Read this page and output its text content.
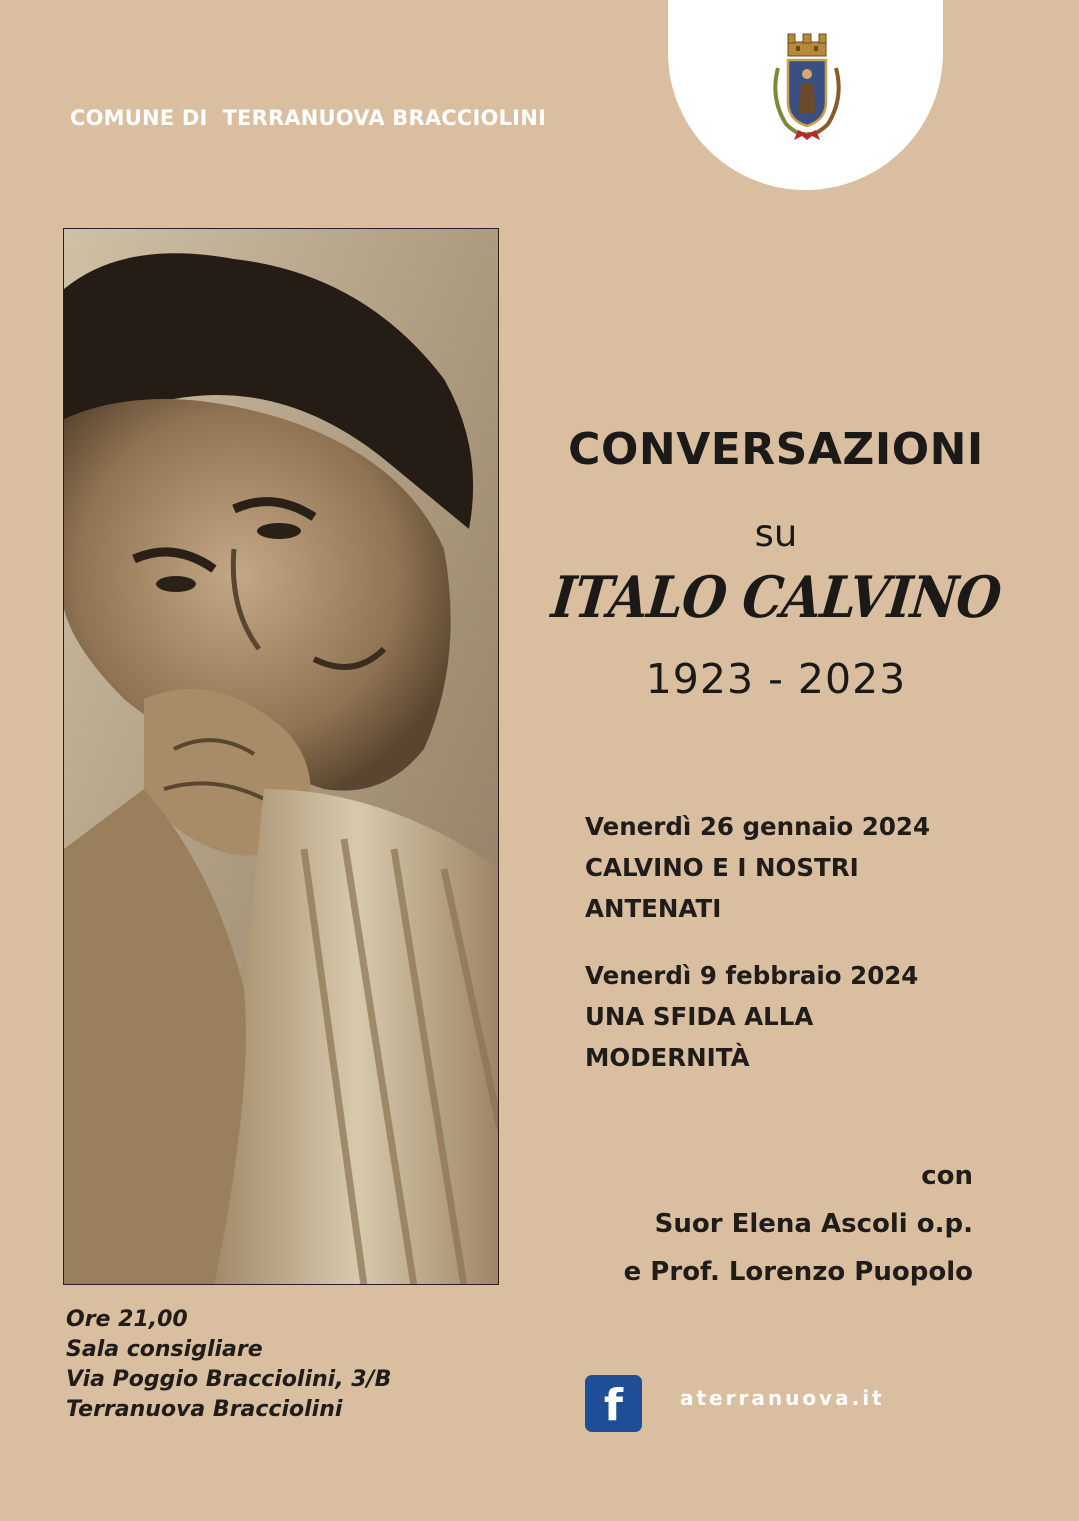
COMUNE DI  TERRANUOVA BRACCIOLINI
CONVERSAZIONI
su
ITALO CALVINO
1923 - 2023
Venerdì 26 gennaio 2024
CALVINO E I NOSTRI ANTENATI
Venerdì 9 febbraio 2024
UNA SFIDA ALLA MODERNITÀ
con
Suor Elena Ascoli o.p.
e Prof. Lorenzo Puopolo
Ore 21,00
Sala consigliare
Via Poggio Bracciolini, 3/B
Terranuova Bracciolini	f	aterranuova.it
